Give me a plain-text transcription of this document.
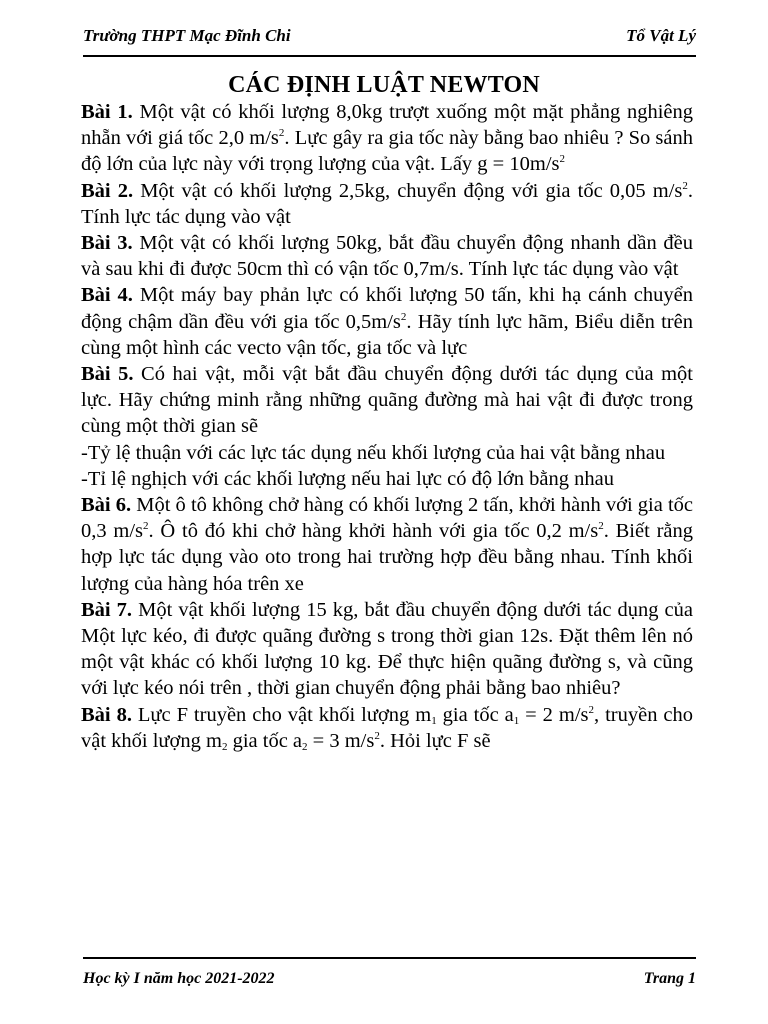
Trường THPT Mạc Đĩnh Chi	Tổ Vật Lý
CÁC ĐỊNH LUẬT NEWTON

Bài 1. Một vật có khối lượng 8,0kg trượt xuống một mặt phẳng nghiêng nhẵn với giá tốc 2,0 $m/s^2$. Lực gây ra gia tốc này bằng bao nhiêu ? So sánh độ lớn của lực này với trọng lượng của vật. Lấy $g = 10m/s^2$

Bài 2. Một vật có khối lượng 2,5kg, chuyển động với gia tốc 0,05 $m/s^2$. Tính lực tác dụng vào vật

Bài 3. Một vật có khối lượng 50kg, bắt đầu chuyển động nhanh dần đều và sau khi đi được 50cm thì có vận tốc 0,7m/s. Tính lực tác dụng vào vật

Bài 4. Một máy bay phản lực có khối lượng 50 tấn, khi hạ cánh chuyển động chậm dần đều với gia tốc $0,5m/s^2$. Hãy tính lực hãm, Biểu diễn trên cùng một hình các vecto vận tốc, gia tốc và lực

Bài 5. Có hai vật, mỗi vật bắt đầu chuyển động dưới tác dụng của một lực. Hãy chứng minh rằng những quãng đường mà hai vật đi được trong cùng một thời gian sẽ

-Tỷ lệ thuận với các lực tác dụng nếu khối lượng của hai vật bằng nhau

-Tỉ lệ nghịch với các khối lượng nếu hai lực có độ lớn bằng nhau

Bài 6. Một ô tô không chở hàng có khối lượng 2 tấn, khởi hành với gia tốc 0,3 $m/s^2$. Ô tô đó khi chở hàng khởi hành với gia tốc 0,2 $m/s^2$. Biết rằng hợp lực tác dụng vào oto trong hai trường hợp đều bằng nhau. Tính khối lượng của hàng hóa trên xe

Bài 7. Một vật khối lượng 15 kg, bắt đầu chuyển động dưới tác dụng của Một lực kéo, đi được quãng đường s trong thời gian 12s. Đặt thêm lên nó một vật khác có khối lượng 10 kg. Để thực hiện quãng đường s, và cũng với lực kéo nói trên , thời gian chuyển động phải bằng bao nhiêu?

Bài 8. Lực F truyền cho vật khối lượng $m_1$ gia tốc $a_1 = 2$ $m/s^2$, truyền cho vật khối lượng $m_2$ gia tốc $a_2 = 3$ $m/s^2$. Hỏi lực F sẽ

Học kỳ I năm học 2021-2022	Trang 1
